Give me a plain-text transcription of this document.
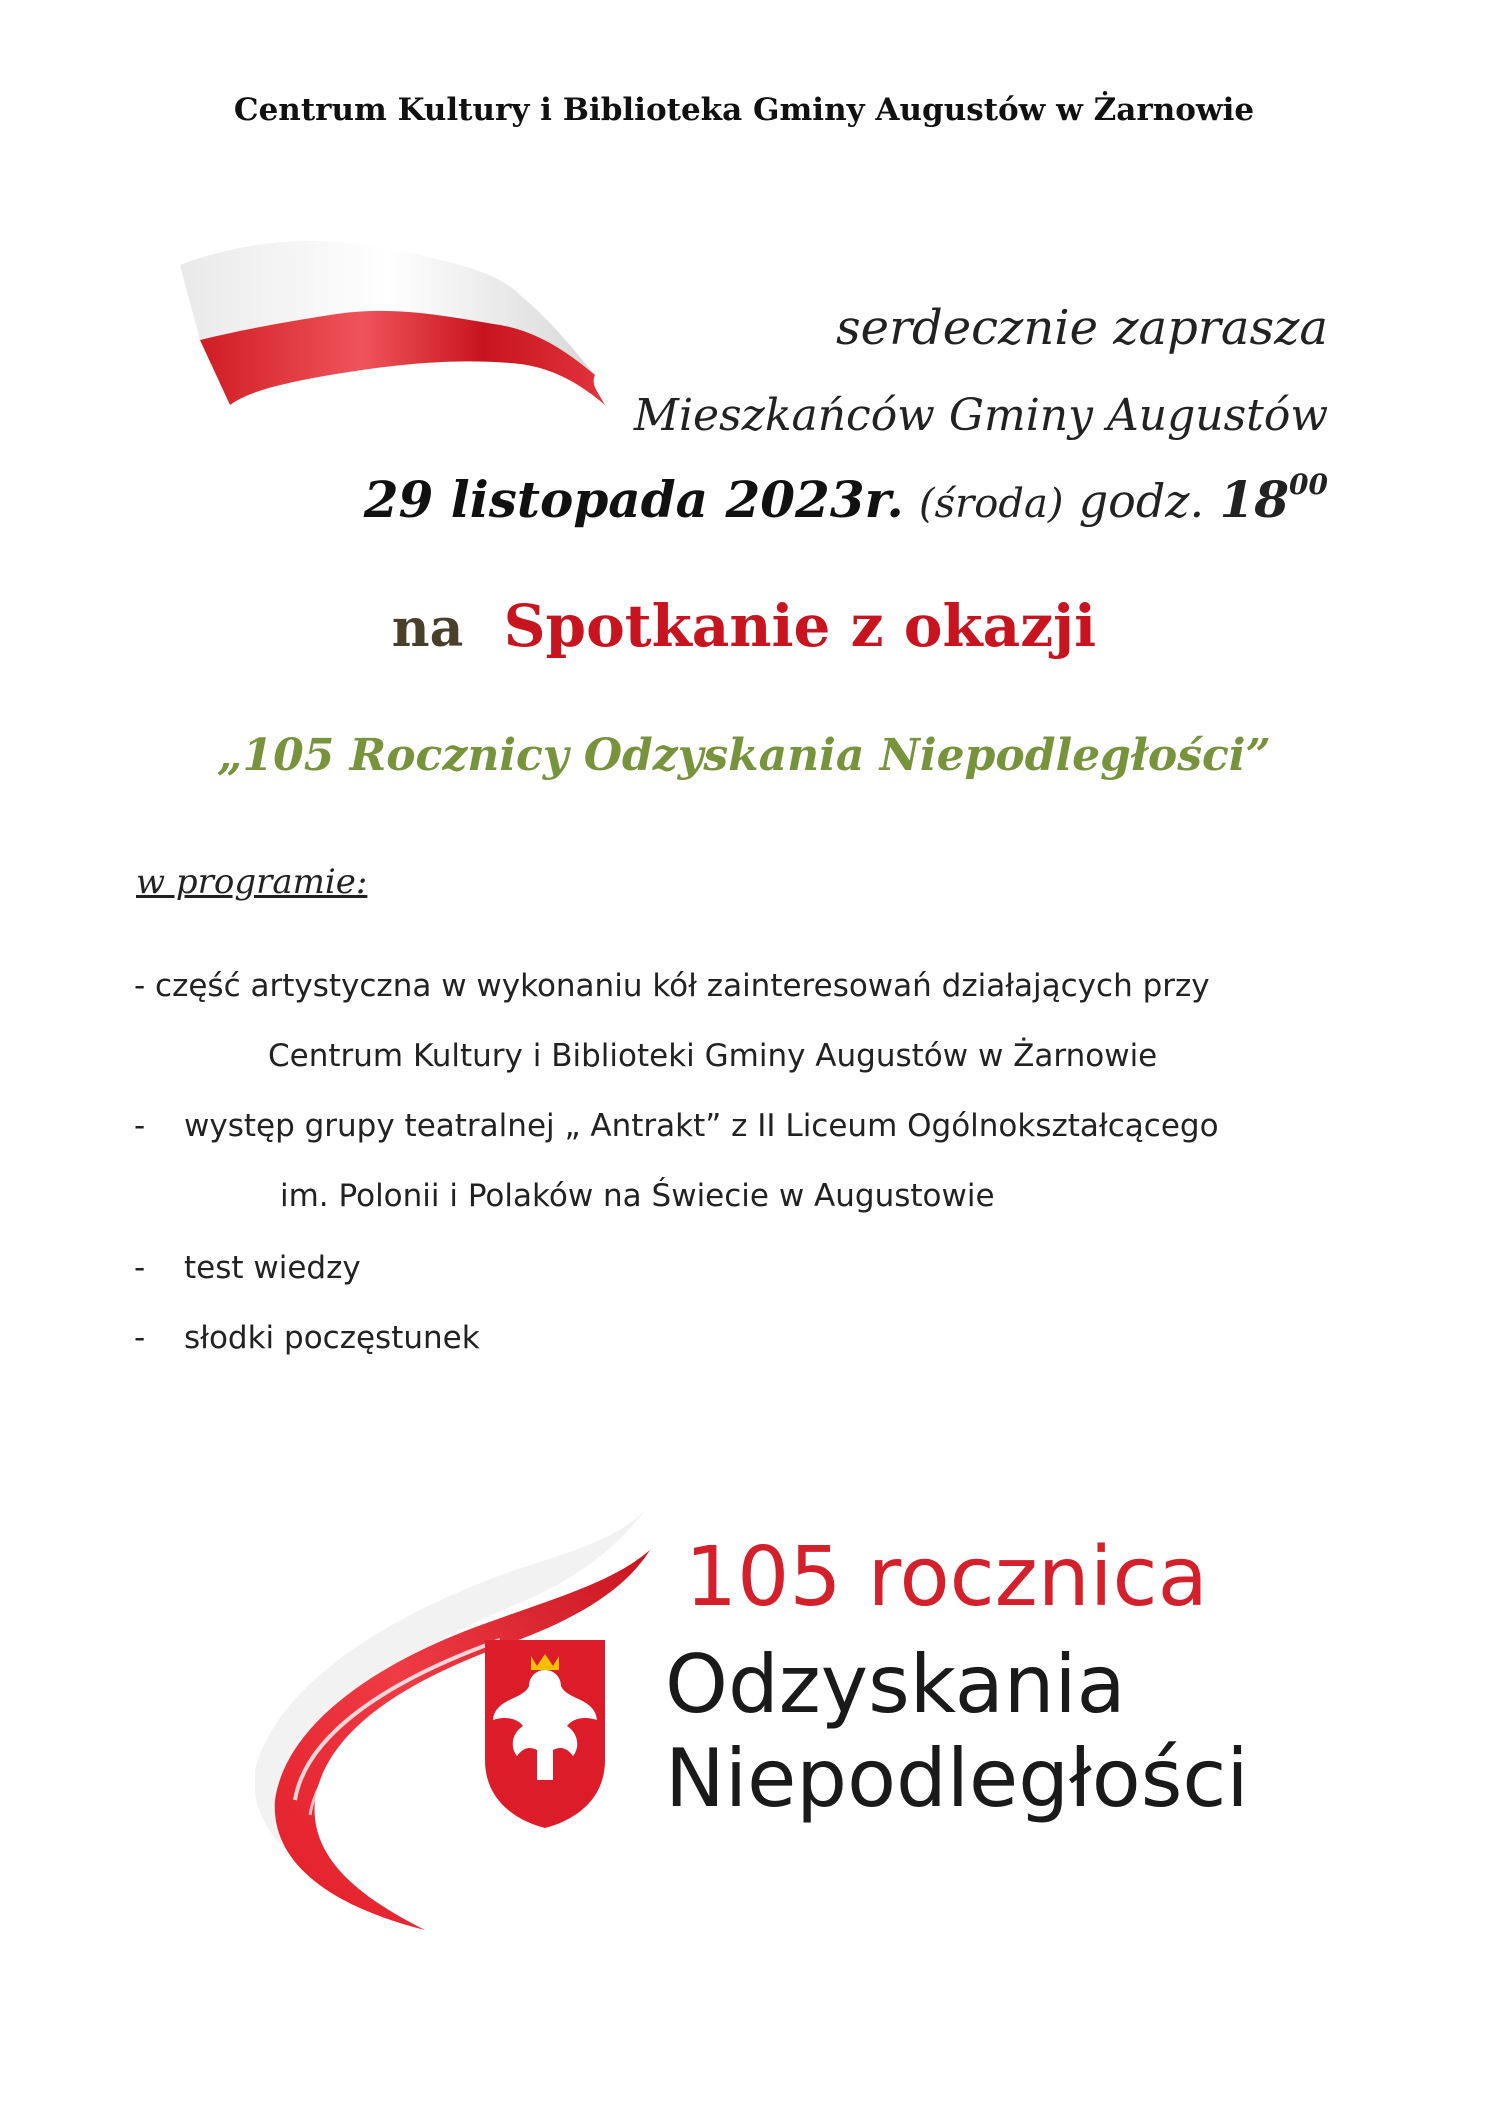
Centrum Kultury i Biblioteka Gminy Augustów w Żarnowie
serdecznie zaprasza
Mieszkańców Gminy Augustów
29 listopada 2023r. (środa) godz. $18^{00}$
na Spotkanie z okazji
„105 Rocznicy Odzyskania Niepodległości”
w programie:
- część artystyczna w wykonaniu kół zainteresowań działających przy
Centrum Kultury i Biblioteki Gminy Augustów w Żarnowie
- występ grupy teatralnej „ Antrakt” z II Liceum Ogólnokształcącego
im. Polonii i Polaków na Świecie w Augustowie
- test wiedzy
- słodki poczęstunek
105 rocznica
Odzyskania
Niepodległości
